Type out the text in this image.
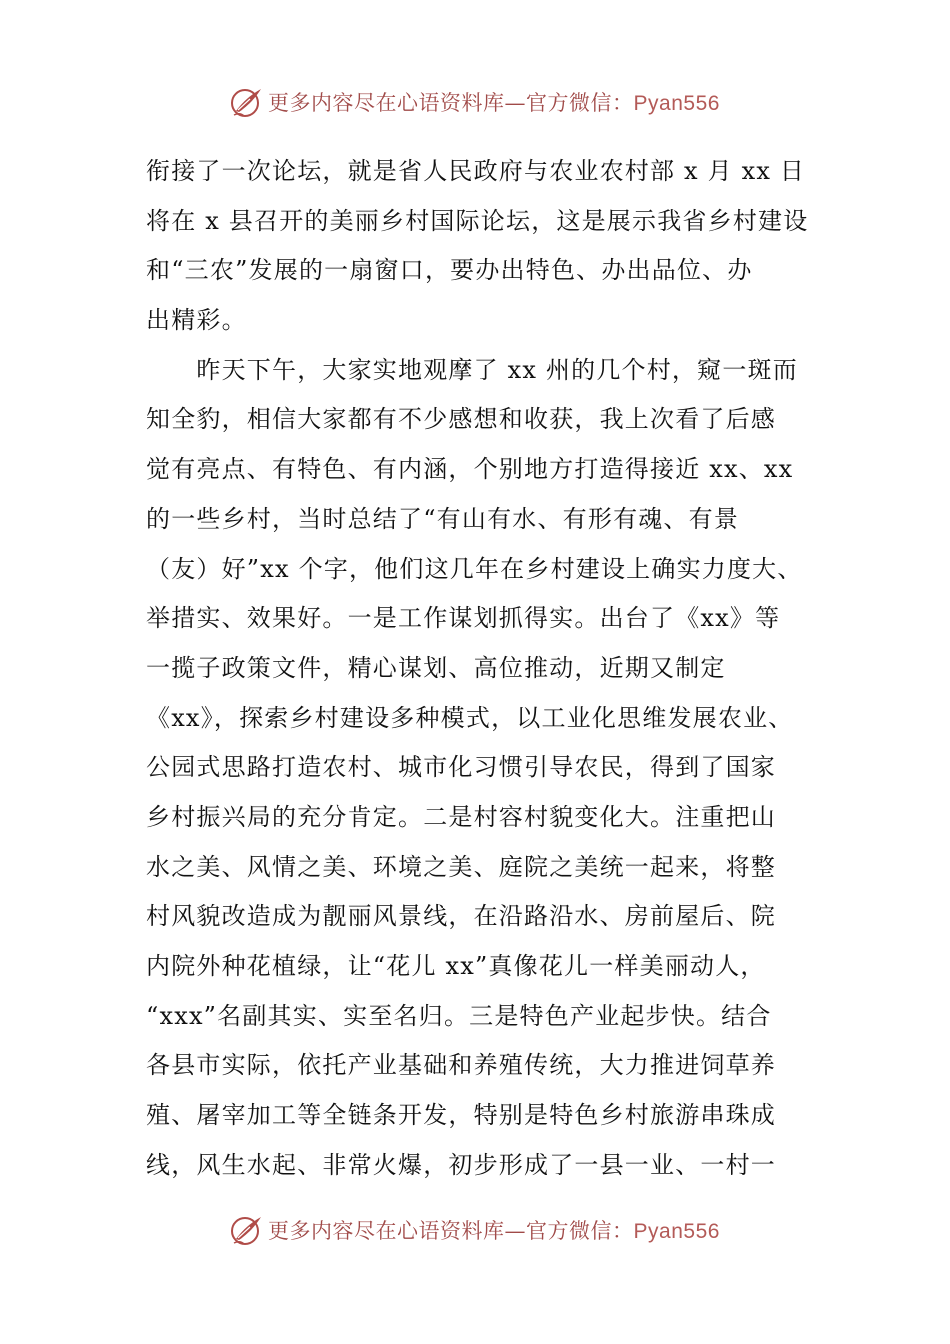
更多内容尽在心语资料库—官方微信：Pyan556
衔接了一次论坛，就是省人民政府与农业农村部 x 月 xx 日
将在 x 县召开的美丽乡村国际论坛，这是展示我省乡村建设
和“三农”发展的一扇窗口，要办出特色、办出品位、办
出精彩。
　　昨天下午，大家实地观摩了 xx 州的几个村，窥一斑而
知全豹，相信大家都有不少感想和收获，我上次看了后感
觉有亮点、有特色、有内涵，个别地方打造得接近 xx、xx
的一些乡村，当时总结了“有山有水、有形有魂、有景
（友）好”xx 个字，他们这几年在乡村建设上确实力度大、
举措实、效果好。一是工作谋划抓得实。出台了《xx》等
一揽子政策文件，精心谋划、高位推动，近期又制定
《xx》，探索乡村建设多种模式，以工业化思维发展农业、
公园式思路打造农村、城市化习惯引导农民，得到了国家
乡村振兴局的充分肯定。二是村容村貌变化大。注重把山
水之美、风情之美、环境之美、庭院之美统一起来，将整
村风貌改造成为靓丽风景线，在沿路沿水、房前屋后、院
内院外种花植绿，让“花儿 xx”真像花儿一样美丽动人，
“xxx”名副其实、实至名归。三是特色产业起步快。结合
各县市实际，依托产业基础和养殖传统，大力推进饲草养
殖、屠宰加工等全链条开发，特别是特色乡村旅游串珠成
线，风生水起、非常火爆，初步形成了一县一业、一村一
更多内容尽在心语资料库—官方微信：Pyan556
